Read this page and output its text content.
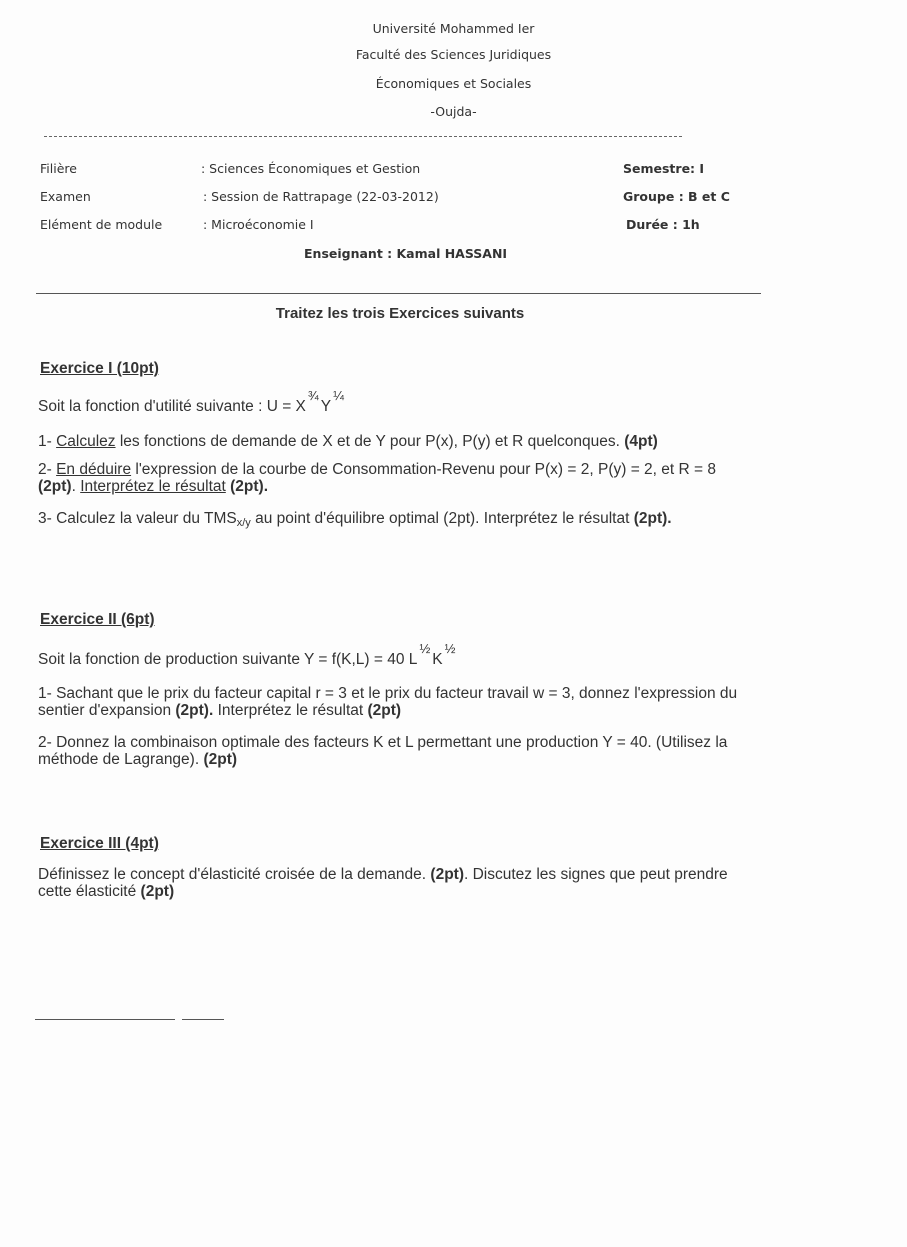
Université Mohammed Ier
Faculté des Sciences Juridiques
Économiques et Sociales
-Oujda-
Filière	: Sciences Économiques et Gestion	Semestre: I
Examen	: Session de Rattrapage (22-03-2012)	Groupe : B et C
Elément de module	: Microéconomie I	Durée : 1h
Enseignant : Kamal HASSANI
Traitez les trois Exercices suivants
Exercice I (10pt)
Soit la fonction d'utilité suivante : $U = X^{\frac{3}{4}}Y^{\frac{1}{4}}$
1- Calculez les fonctions de demande de X et de Y pour P(x), P(y) et R quelconques. (4pt)
2- En déduire l'expression de la courbe de Consommation-Revenu pour P(x) = 2, P(y) = 2, et R = 8 (2pt). Interprétez le résultat (2pt).
3- Calculez la valeur du TMSx/y au point d'équilibre optimal (2pt). Interprétez le résultat (2pt).
Exercice II (6pt)
Soit la fonction de production suivante Y = f(K,L) = 40 $L^{\frac{1}{2}}K^{\frac{1}{2}}$
1- Sachant que le prix du facteur capital r = 3 et le prix du facteur travail w = 3, donnez l'expression du sentier d'expansion (2pt). Interprétez le résultat (2pt)
2- Donnez la combinaison optimale des facteurs K et L permettant une production Y = 40. (Utilisez la méthode de Lagrange). (2pt)
Exercice III (4pt)
Définissez le concept d'élasticité croisée de la demande. (2pt). Discutez les signes que peut prendre cette élasticité (2pt)
